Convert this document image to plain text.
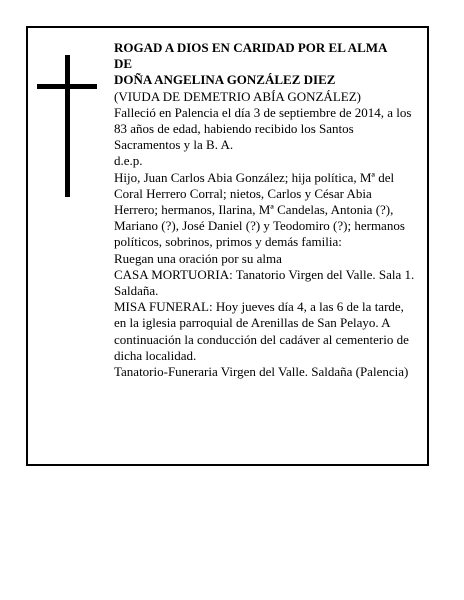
ROGAD A DIOS EN CARIDAD POR EL ALMA

DE

DOÑA ANGELINA GONZÁLEZ DIEZ

(VIUDA DE DEMETRIO ABÍA GONZÁLEZ)

Falleció en Palencia el día 3 de septiembre de 2014, a los 83 años de edad, habiendo recibido los Santos Sacramentos y la B. A.

d.e.p.

Hijo, Juan Carlos Abia González; hija política, Mª del Coral Herrero Corral; nietos, Carlos y César Abia Herrero; hermanos, Ilarina, Mª Candelas, Antonia (?), Mariano (?), José Daniel (?) y Teodomiro (?); hermanos políticos, sobrinos, primos y demás familia:

Ruegan una oración por su alma

CASA MORTUORIA: Tanatorio Virgen del Valle. Sala 1. Saldaña.

MISA FUNERAL: Hoy jueves día 4, a las 6 de la tarde, en la iglesia parroquial de Arenillas de San Pelayo. A continuación la conducción del cadáver al cementerio de dicha localidad.

Tanatorio-Funeraria Virgen del Valle. Saldaña (Palencia)
